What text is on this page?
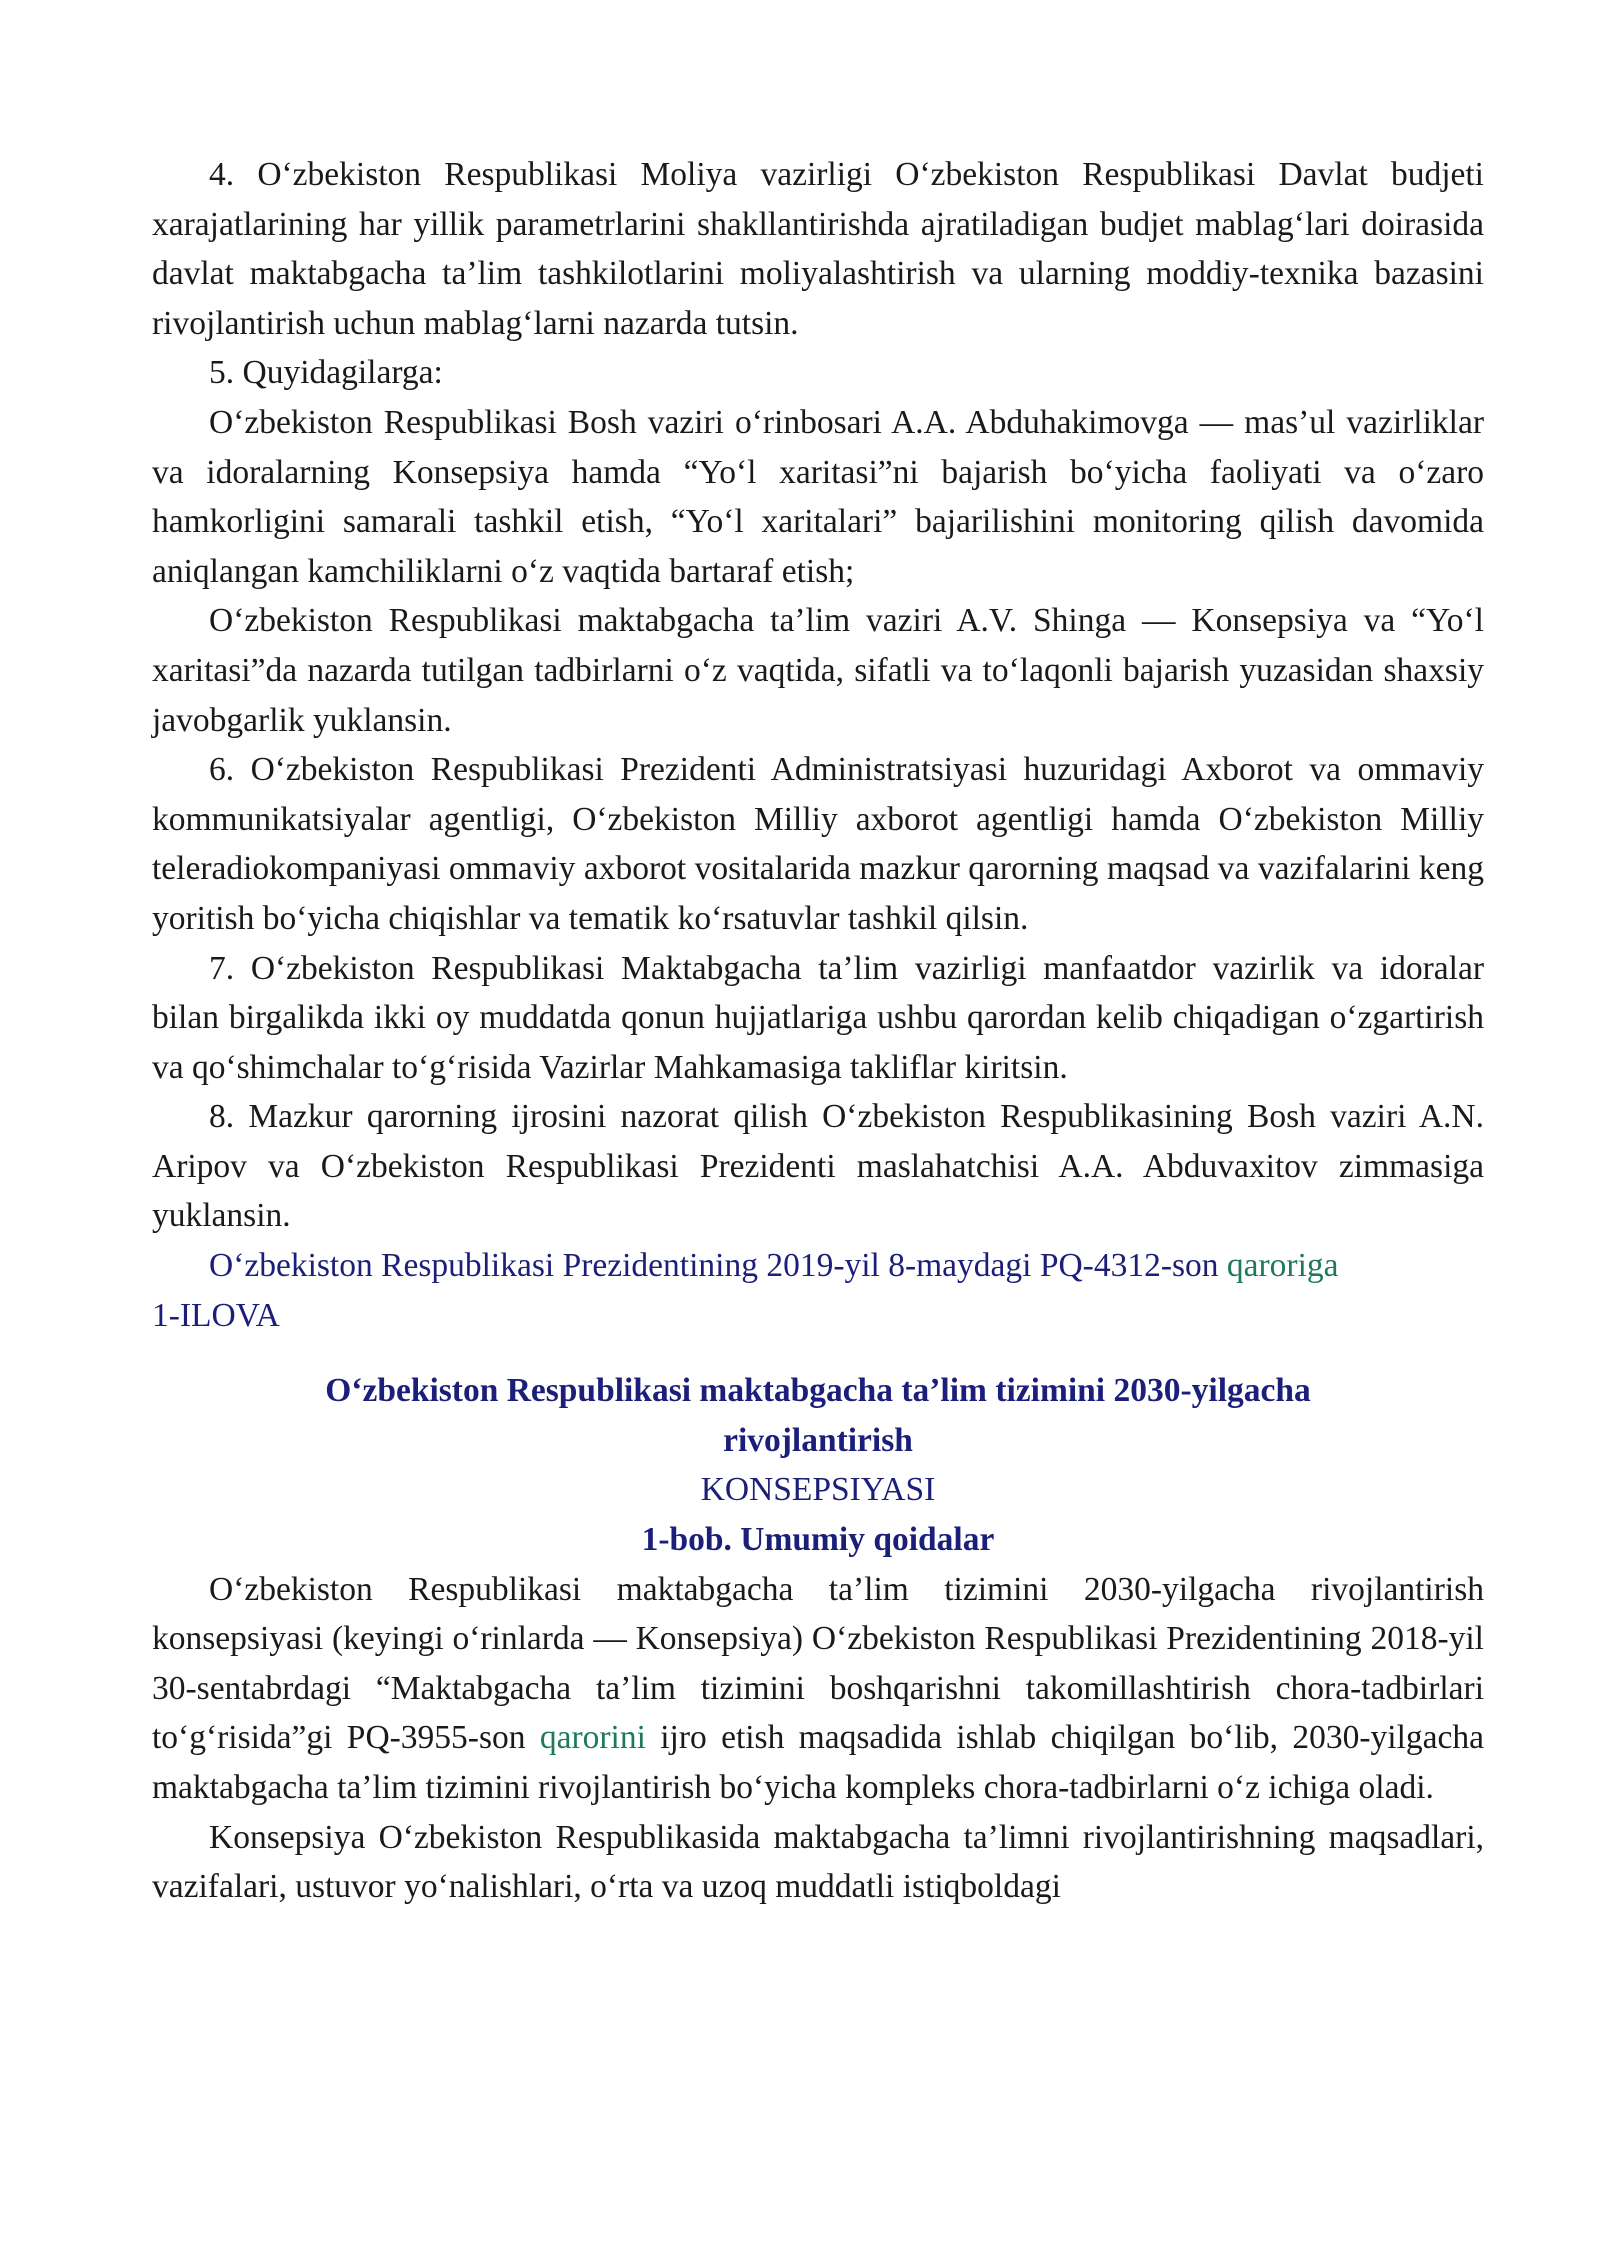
4. O‘zbekiston Respublikasi Moliya vazirligi O‘zbekiston Respublikasi Davlat budjeti xarajatlarining har yillik parametrlarini shakllantirishda ajratiladigan budjet mablag‘lari doirasida davlat maktabgacha ta’lim tashkilotlarini moliyalashtirish va ularning moddiy-texnika bazasini rivojlantirish uchun mablag‘larni nazarda tutsin.

5. Quyidagilarga:

O‘zbekiston Respublikasi Bosh vaziri o‘rinbosari A.A. Abduhakimovga — mas’ul vazirliklar va idoralarning Konsepsiya hamda “Yo‘l xaritasi”ni bajarish bo‘yicha faoliyati va o‘zaro hamkorligini samarali tashkil etish, “Yo‘l xaritalari” bajarilishini monitoring qilish davomida aniqlangan kamchiliklarni o‘z vaqtida bartaraf etish;

O‘zbekiston Respublikasi maktabgacha ta’lim vaziri A.V. Shinga — Konsepsiya va “Yo‘l xaritasi”da nazarda tutilgan tadbirlarni o‘z vaqtida, sifatli va to‘laqonli bajarish yuzasidan shaxsiy javobgarlik yuklansin.

6. O‘zbekiston Respublikasi Prezidenti Administratsiyasi huzuridagi Axborot va ommaviy kommunikatsiyalar agentligi, O‘zbekiston Milliy axborot agentligi hamda O‘zbekiston Milliy teleradiokompaniyasi ommaviy axborot vositalarida mazkur qarorning maqsad va vazifalarini keng yoritish bo‘yicha chiqishlar va tematik ko‘rsatuvlar tashkil qilsin.

7. O‘zbekiston Respublikasi Maktabgacha ta’lim vazirligi manfaatdor vazirlik va idoralar bilan birgalikda ikki oy muddatda qonun hujjatlariga ushbu qarordan kelib chiqadigan o‘zgartirish va qo‘shimchalar to‘g‘risida Vazirlar Mahkamasiga takliflar kiritsin.

8. Mazkur qarorning ijrosini nazorat qilish O‘zbekiston Respublikasining Bosh vaziri A.N. Aripov va O‘zbekiston Respublikasi Prezidenti maslahatchisi A.A. Abduvaxitov zimmasiga yuklansin.

O‘zbekiston Respublikasi Prezidentining 2019-yil 8-maydagi PQ-4312-son qaroriga

1-ILOVA

O‘zbekiston Respublikasi maktabgacha ta’lim tizimini 2030-yilgacha

rivojlantirish

KONSEPSIYASI

1-bob. Umumiy qoidalar

O‘zbekiston Respublikasi maktabgacha ta’lim tizimini 2030-yilgacha rivojlantirish konsepsiyasi (keyingi o‘rinlarda — Konsepsiya) O‘zbekiston Respublikasi Prezidentining 2018-yil 30-sentabrdagi “Maktabgacha ta’lim tizimini boshqarishni takomillashtirish chora-tadbirlari to‘g‘risida”gi PQ-3955-son qarorini ijro etish maqsadida ishlab chiqilgan bo‘lib, 2030-yilgacha maktabgacha ta’lim tizimini rivojlantirish bo‘yicha kompleks chora-tadbirlarni o‘z ichiga oladi.

Konsepsiya O‘zbekiston Respublikasida maktabgacha ta’limni rivojlantirishning maqsadlari, vazifalari, ustuvor yo‘nalishlari, o‘rta va uzoq muddatli istiqboldagi
